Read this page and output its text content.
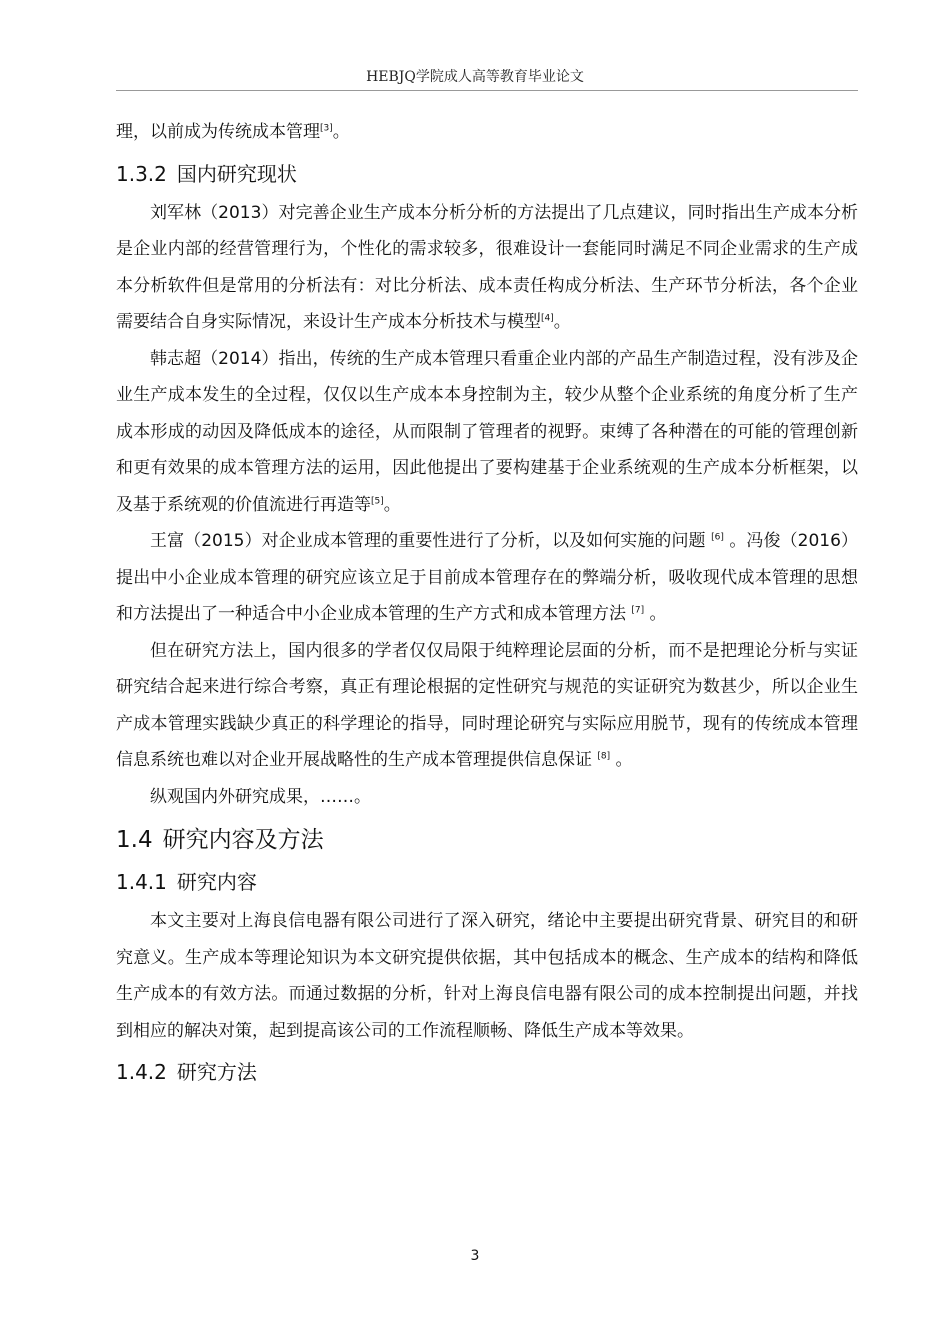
HEBJQ学院成人高等教育毕业论文

理，以前成为传统成本管理[3]。

1.3.2 国内研究现状

刘军林（2013）对完善企业生产成本分析分析的方法提出了几点建议，同时指出生产成本分析是企业内部的经营管理行为，个性化的需求较多，很难设计一套能同时满足不同企业需求的生产成本分析软件但是常用的分析法有：对比分析法、成本责任构成分析法、生产环节分析法，各个企业需要结合自身实际情况，来设计生产成本分析技术与模型[4]。

韩志超（2014）指出，传统的生产成本管理只看重企业内部的产品生产制造过程，没有涉及企业生产成本发生的全过程，仅仅以生产成本本身控制为主，较少从整个企业系统的角度分析了生产成本形成的动因及降低成本的途径，从而限制了管理者的视野。束缚了各种潜在的可能的管理创新和更有效果的成本管理方法的运用，因此他提出了要构建基于企业系统观的生产成本分析框架，以及基于系统观的价值流进行再造等[5]。

王富（2015）对企业成本管理的重要性进行了分析，以及如何实施的问题 [6] 。冯俊（2016）提出中小企业成本管理的研究应该立足于目前成本管理存在的弊端分析，吸收现代成本管理的思想和方法提出了一种适合中小企业成本管理的生产方式和成本管理方法 [7] 。

但在研究方法上，国内很多的学者仅仅局限于纯粹理论层面的分析，而不是把理论分析与实证研究结合起来进行综合考察，真正有理论根据的定性研究与规范的实证研究为数甚少，所以企业生产成本管理实践缺少真正的科学理论的指导，同时理论研究与实际应用脱节，现有的传统成本管理信息系统也难以对企业开展战略性的生产成本管理提供信息保证 [8] 。

纵观国内外研究成果，……。

1.4 研究内容及方法
1.4.1 研究内容

本文主要对上海良信电器有限公司进行了深入研究，绪论中主要提出研究背景、研究目的和研究意义。生产成本等理论知识为本文研究提供依据，其中包括成本的概念、生产成本的结构和降低生产成本的有效方法。而通过数据的分析，针对上海良信电器有限公司的成本控制提出问题，并找到相应的解决对策，起到提高该公司的工作流程顺畅、降低生产成本等效果。

1.4.2 研究方法
3
